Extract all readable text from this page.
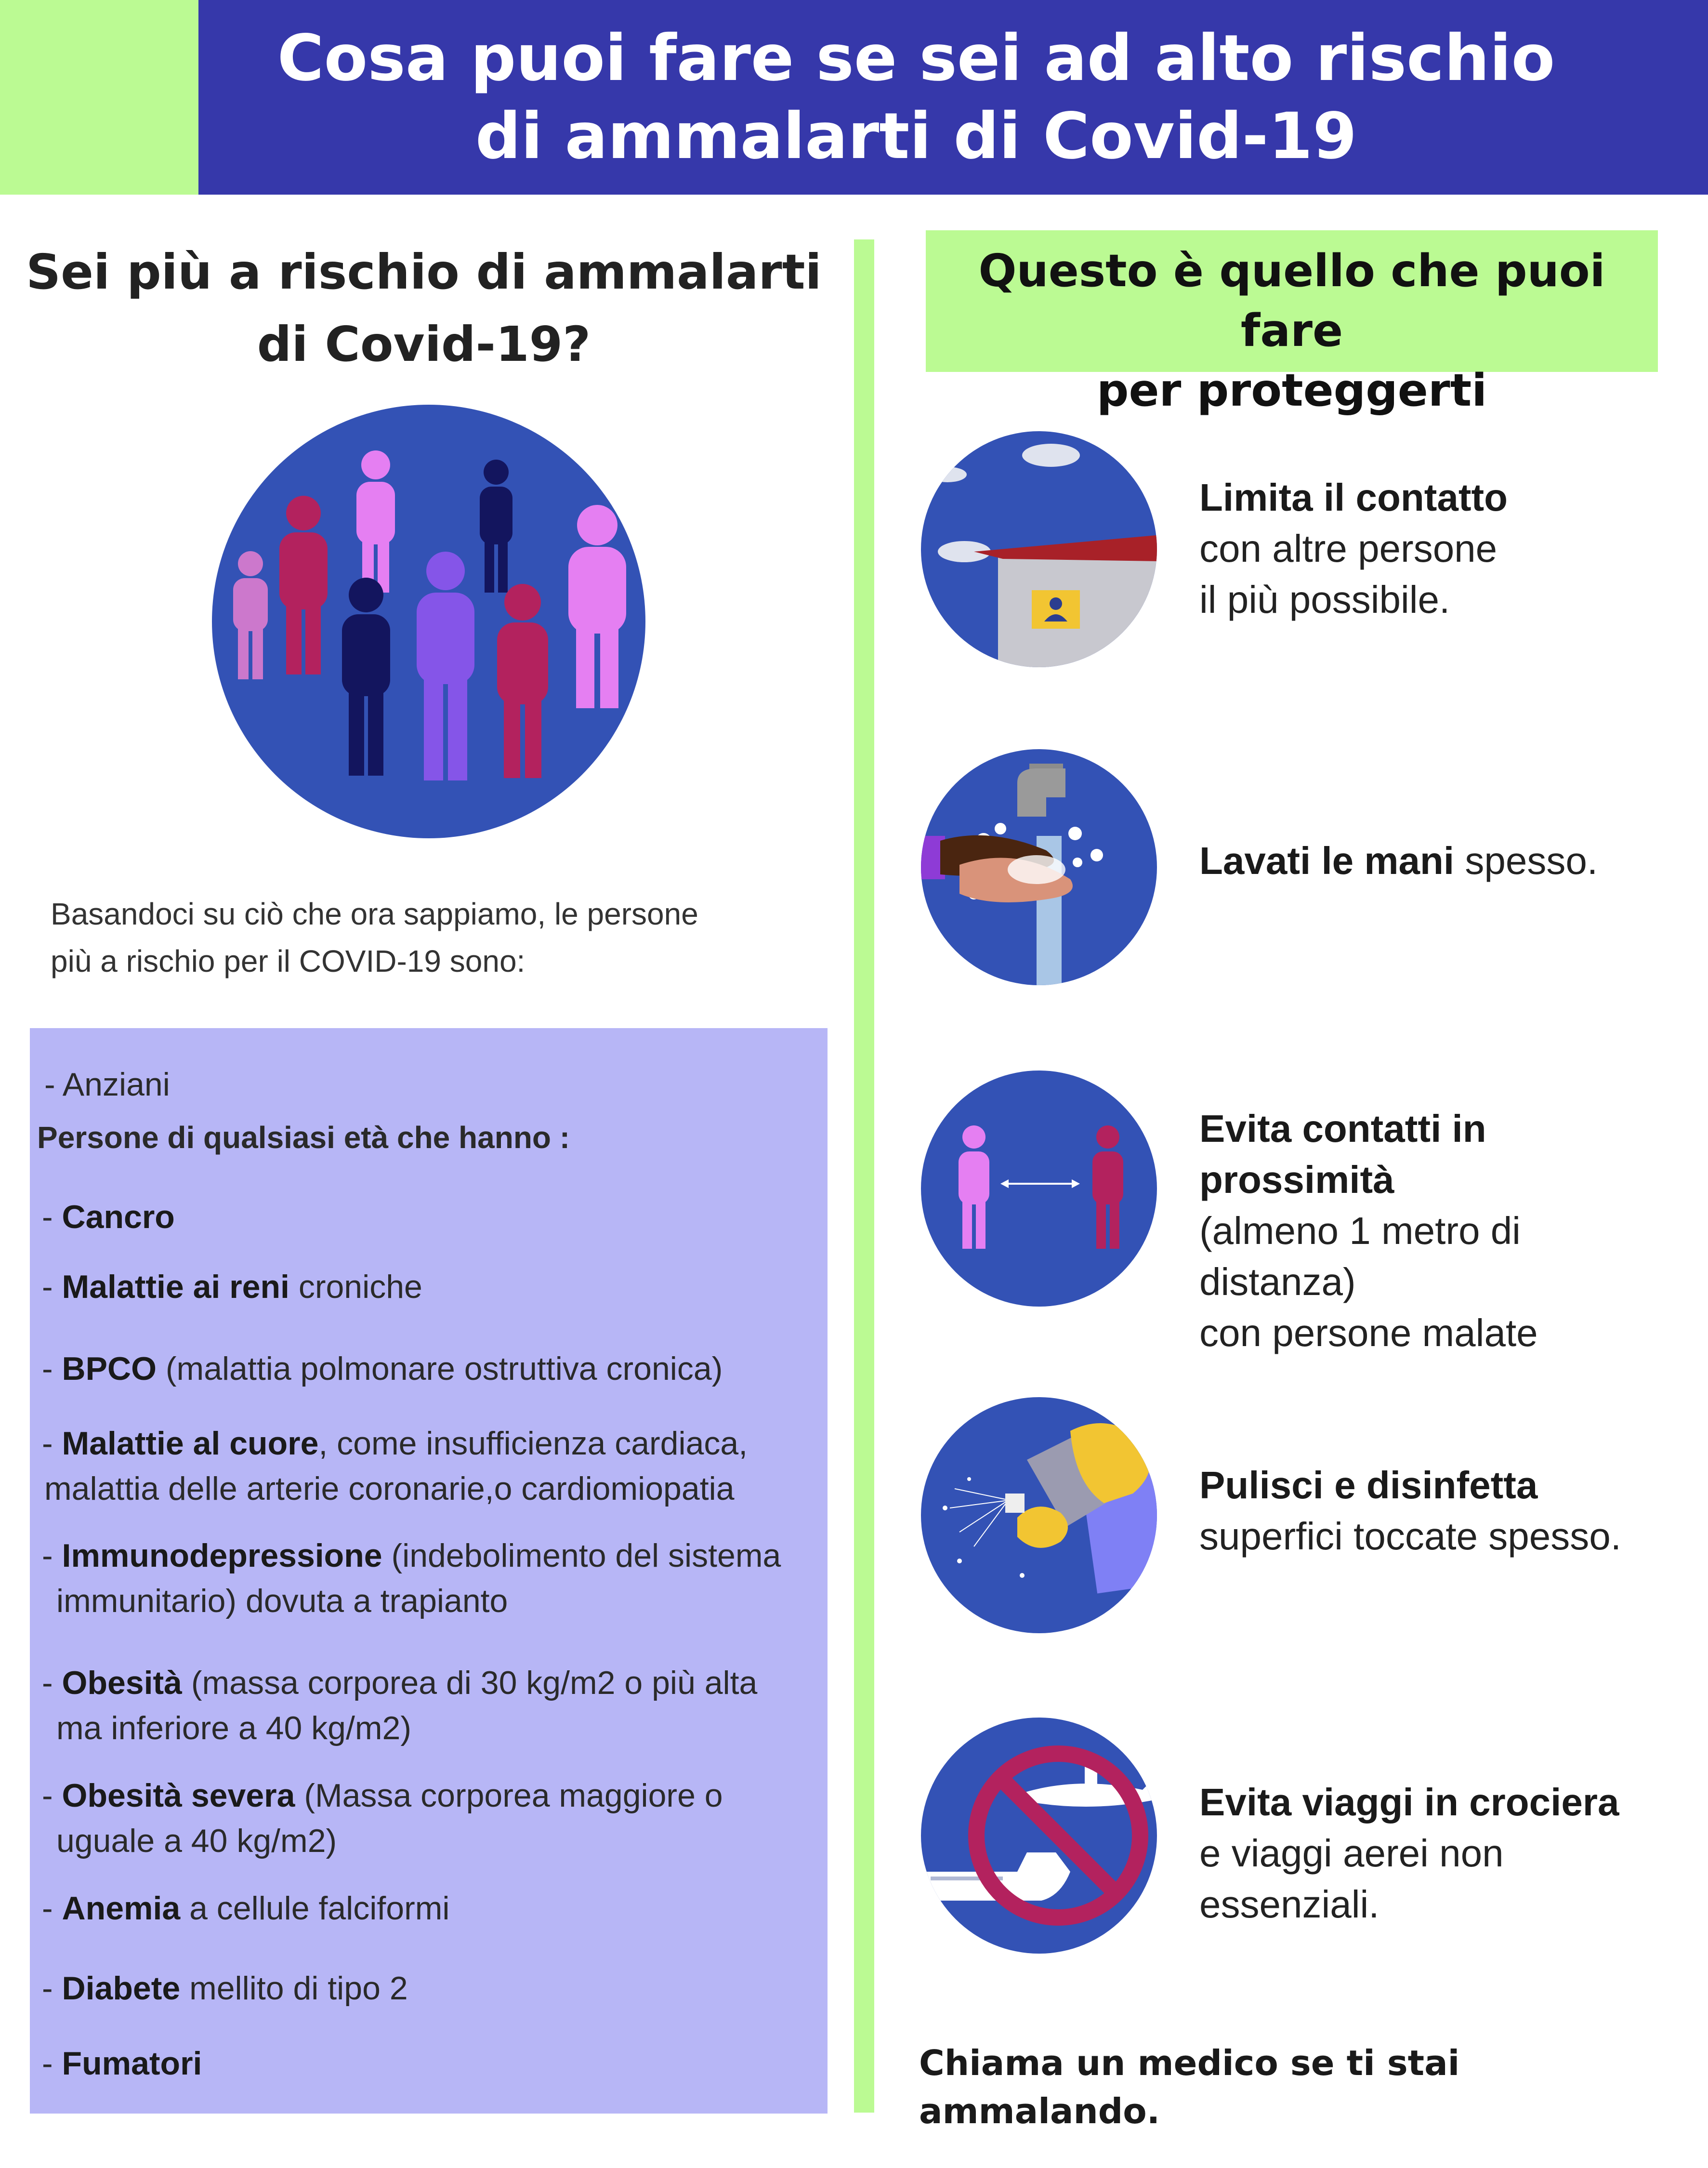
Cosa puoi fare se sei ad alto rischio
di ammalarti di Covid-19
Sei più a rischio di ammalarti
di Covid-19?
Basandoci su ciò che ora sappiamo, le persone
più a rischio per il COVID-19 sono:
- Anziani
Persone di qualsiasi età che hanno :
- Cancro
- Malattie ai reni croniche
- BPCO (malattia polmonare ostruttiva cronica)
- Malattie al cuore, come insufficienza cardiaca,
malattia delle arterie coronarie,o cardiomiopatia
- Immunodepressione (indebolimento del sistema
immunitario) dovuta a trapianto
- Obesità (massa corporea di 30 kg/m2 o più alta
ma inferiore a 40 kg/m2)
- Obesità severa (Massa corporea maggiore o
uguale a 40 kg/m2)
- Anemia a cellule falciformi
- Diabete mellito di tipo 2
- Fumatori
Questo è quello che puoi fare
per proteggerti
Limita il contatto
con altre persone
il più possibile.
Lavati le mani spesso.
Evita contatti in prossimità
(almeno 1 metro di distanza)
con persone malate
Pulisci e disinfetta
superfici toccate spesso.
Evita viaggi in crociera
e viaggi aerei non essenziali.
Chiama un medico se ti stai ammalando.
